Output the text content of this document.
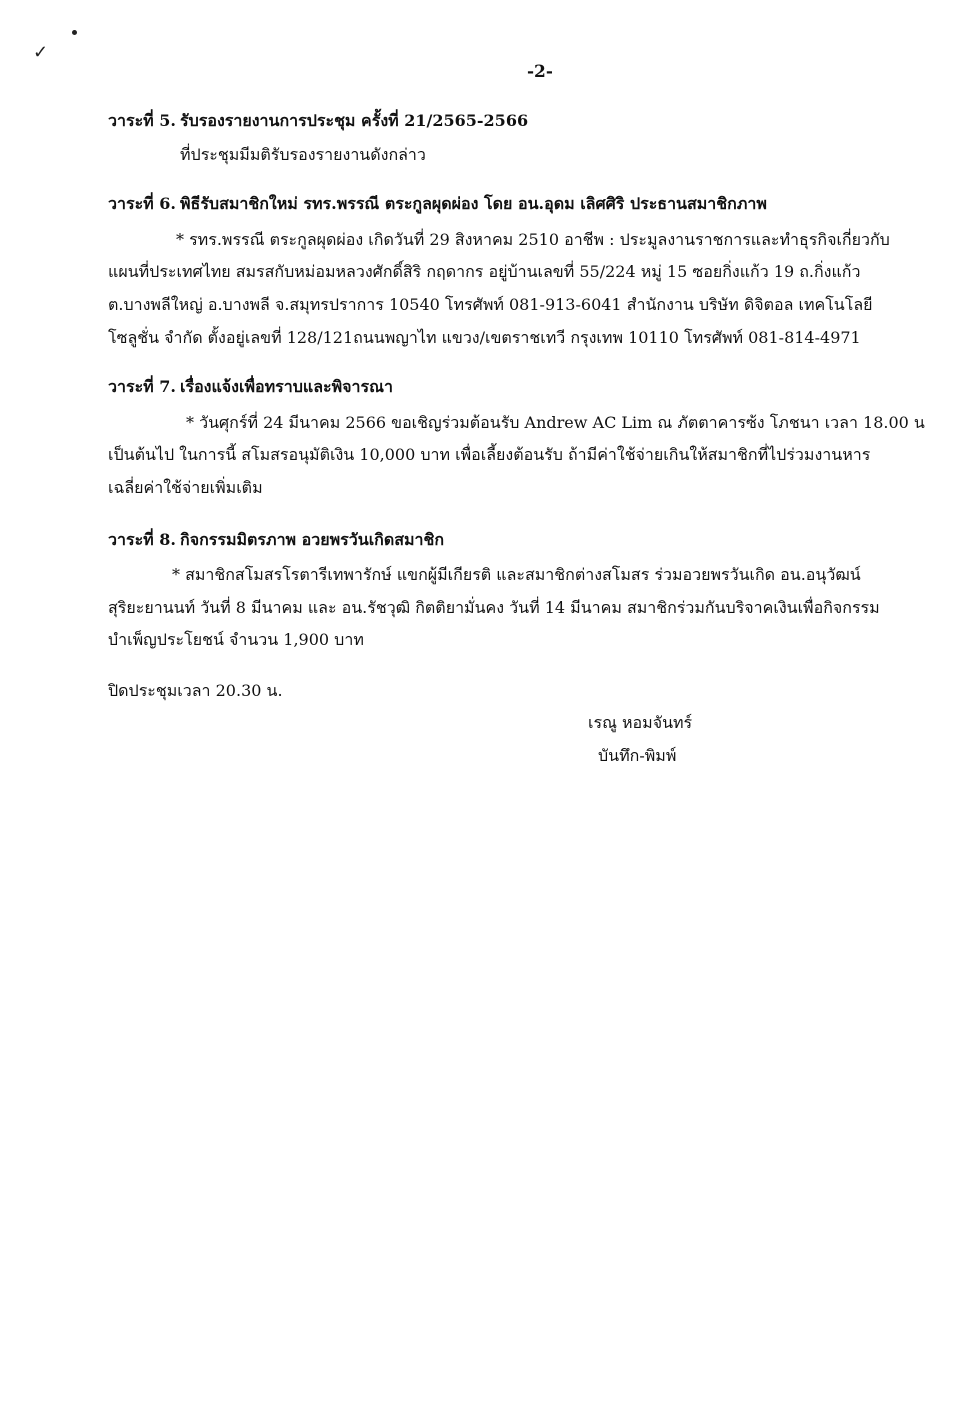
✓
-2-
วาระที่ 5. รับรองรายงานการประชุม ครั้งที่ 21/2565-2566
ที่ประชุมมีมติรับรองรายงานดังกล่าว
วาระที่ 6. พิธีรับสมาชิกใหม่ รทร.พรรณี ตระกูลผุดผ่อง โดย อน.อุดม เลิศศิริ ประธานสมาชิกภาพ
* รทร.พรรณี ตระกูลผุดผ่อง เกิดวันที่ 29 สิงหาคม 2510 อาชีพ : ประมูลงานราชการและทำธุรกิจเกี่ยวกับ
แผนที่ประเทศไทย สมรสกับหม่อมหลวงศักดิ์สิริ กฤดากร อยู่บ้านเลขที่ 55/224 หมู่ 15 ซอยกิ่งแก้ว 19 ถ.กิ่งแก้ว
ต.บางพลีใหญ่ อ.บางพลี จ.สมุทรปราการ 10540 โทรศัพท์ 081-913-6041 สำนักงาน บริษัท ดิจิตอล เทคโนโลยี
โซลูชั่น จำกัด ตั้งอยู่เลขที่ 128/121ถนนพญาไท แขวง/เขตราชเทวี กรุงเทพ 10110 โทรศัพท์ 081-814-4971
วาระที่ 7. เรื่องแจ้งเพื่อทราบและพิจารณา
* วันศุกร์ที่ 24 มีนาคม 2566 ขอเชิญร่วมต้อนรับ Andrew AC Lim ณ ภัตตาคารซ้ง โภชนา เวลา 18.00 น
เป็นต้นไป ในการนี้ สโมสรอนุมัติเงิน 10,000 บาท เพื่อเลี้ยงต้อนรับ ถ้ามีค่าใช้จ่ายเกินให้สมาชิกที่ไปร่วมงานหาร
เฉลี่ยค่าใช้จ่ายเพิ่มเติม
วาระที่ 8. กิจกรรมมิตรภาพ อวยพรวันเกิดสมาชิก
* สมาชิกสโมสรโรตารีเทพารักษ์ แขกผู้มีเกียรติ และสมาชิกต่างสโมสร ร่วมอวยพรวันเกิด อน.อนุวัฒน์
สุริยะยานนท์ วันที่ 8 มีนาคม และ อน.รัชวุฒิ กิตติยามั่นคง วันที่ 14 มีนาคม สมาชิกร่วมกันบริจาคเงินเพื่อกิจกรรม
บำเพ็ญประโยชน์ จำนวน 1,900 บาท
ปิดประชุมเวลา 20.30 น.
เรณู หอมจันทร์
บันทึก-พิมพ์
